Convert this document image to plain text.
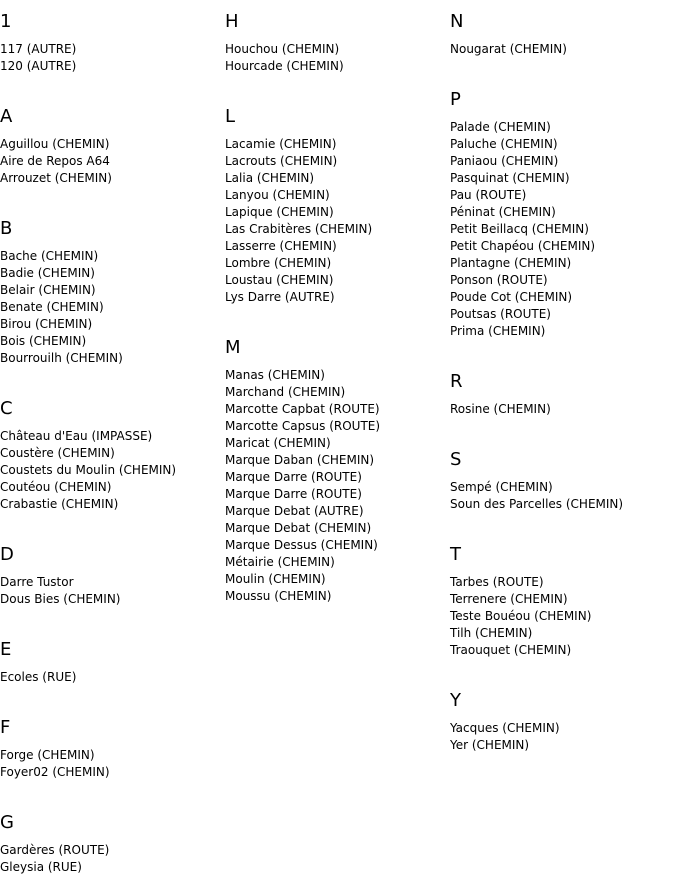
1
117 (AUTRE)
120 (AUTRE)
A
Aguillou (CHEMIN)
Aire de Repos A64
Arrouzet (CHEMIN)
B
Bache (CHEMIN)
Badie (CHEMIN)
Belair (CHEMIN)
Benate (CHEMIN)
Birou (CHEMIN)
Bois (CHEMIN)
Bourrouilh (CHEMIN)
C
Château d'Eau (IMPASSE)
Coustère (CHEMIN)
Coustets du Moulin (CHEMIN)
Coutéou (CHEMIN)
Crabastie (CHEMIN)
D
Darre Tustor
Dous Bies (CHEMIN)
E
Ecoles (RUE)
F
Forge (CHEMIN)
Foyer02 (CHEMIN)
G
Gardères (ROUTE)
Gleysia (RUE)
H
Houchou (CHEMIN)
Hourcade (CHEMIN)
L
Lacamie (CHEMIN)
Lacrouts (CHEMIN)
Lalia (CHEMIN)
Lanyou (CHEMIN)
Lapique (CHEMIN)
Las Crabitères (CHEMIN)
Lasserre (CHEMIN)
Lombre (CHEMIN)
Loustau (CHEMIN)
Lys Darre (AUTRE)
M
Manas (CHEMIN)
Marchand (CHEMIN)
Marcotte Capbat (ROUTE)
Marcotte Capsus (ROUTE)
Maricat (CHEMIN)
Marque Daban (CHEMIN)
Marque Darre (ROUTE)
Marque Darre (ROUTE)
Marque Debat (AUTRE)
Marque Debat (CHEMIN)
Marque Dessus (CHEMIN)
Métairie (CHEMIN)
Moulin (CHEMIN)
Moussu (CHEMIN)
N
Nougarat (CHEMIN)
P
Palade (CHEMIN)
Paluche (CHEMIN)
Paniaou (CHEMIN)
Pasquinat (CHEMIN)
Pau (ROUTE)
Péninat (CHEMIN)
Petit Beillacq (CHEMIN)
Petit Chapéou (CHEMIN)
Plantagne (CHEMIN)
Ponson (ROUTE)
Poude Cot (CHEMIN)
Poutsas (ROUTE)
Prima (CHEMIN)
R
Rosine (CHEMIN)
S
Sempé (CHEMIN)
Soun des Parcelles (CHEMIN)
T
Tarbes (ROUTE)
Terrenere (CHEMIN)
Teste Bouéou (CHEMIN)
Tilh (CHEMIN)
Traouquet (CHEMIN)
Y
Yacques (CHEMIN)
Yer (CHEMIN)
